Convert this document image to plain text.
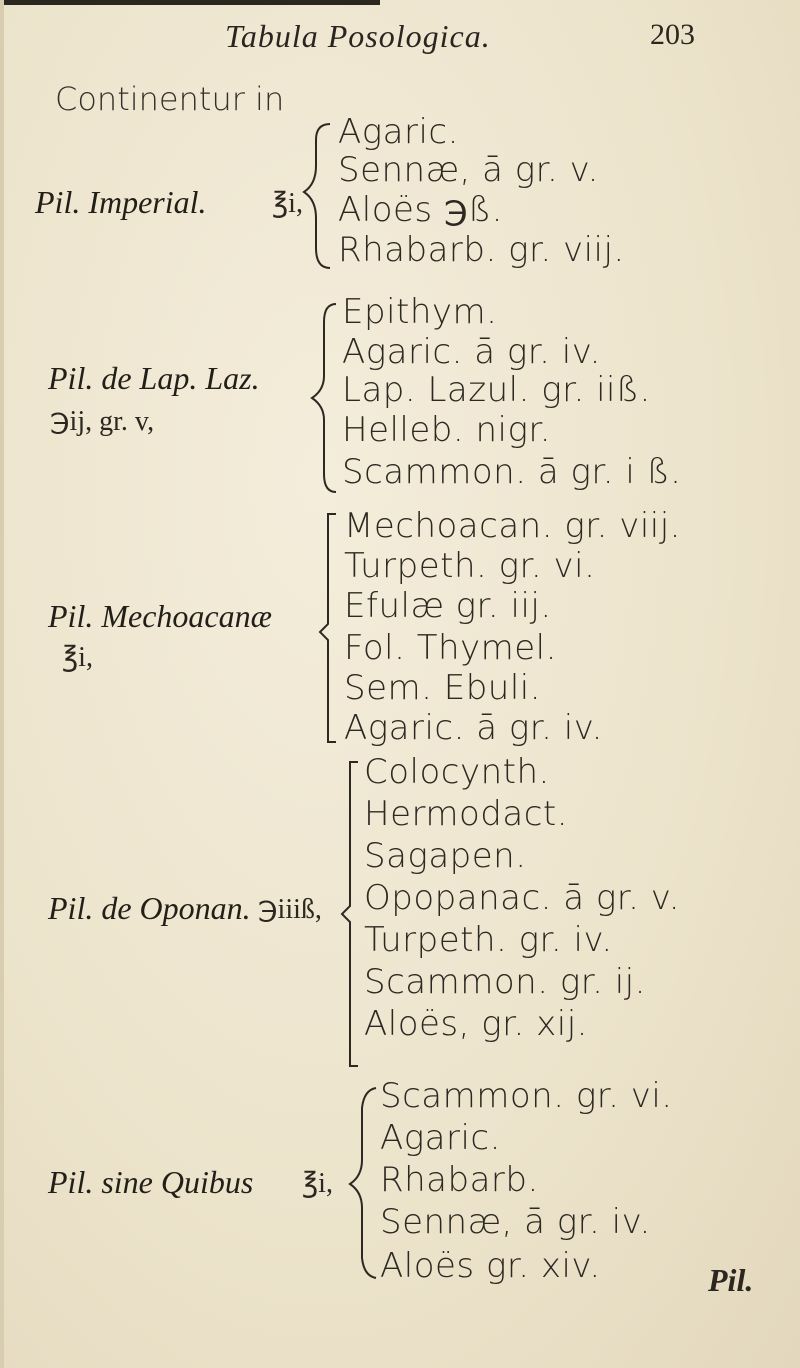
Tabula Posologica.	203
Continentur in
Pil. Imperial. ℥i,
Agaric.
Sennæ, ā gr. v.
Aloës ℈ß.
Rhabarb. gr. viij.
Pil. de Lap. Laz.
℈ij, gr. v,
Epithym.
Agaric. ā gr. iv.
Lap. Lazul. gr. iiß.
Helleb. nigr.
Scammon. ā gr. i ß.
Pil. Mechoacanæ
℥i,
Mechoacan. gr. viij.
Turpeth. gr. vi.
Efulæ gr. iij.
Fol. Thymel.
Sem. Ebuli.
Agaric. ā gr. iv.
Pil. de Oponan. ℈iiiß,
Colocynth.
Hermodact.
Sagapen.
Opopanac. ā gr. v.
Turpeth. gr. iv.
Scammon. gr. ij.
Aloës, gr. xij.
Pil. sine Quibus ℥i,
Scammon. gr. vi.
Agaric.
Rhabarb.
Sennæ, ā gr. iv.
Aloës gr. xiv.	Pil.
